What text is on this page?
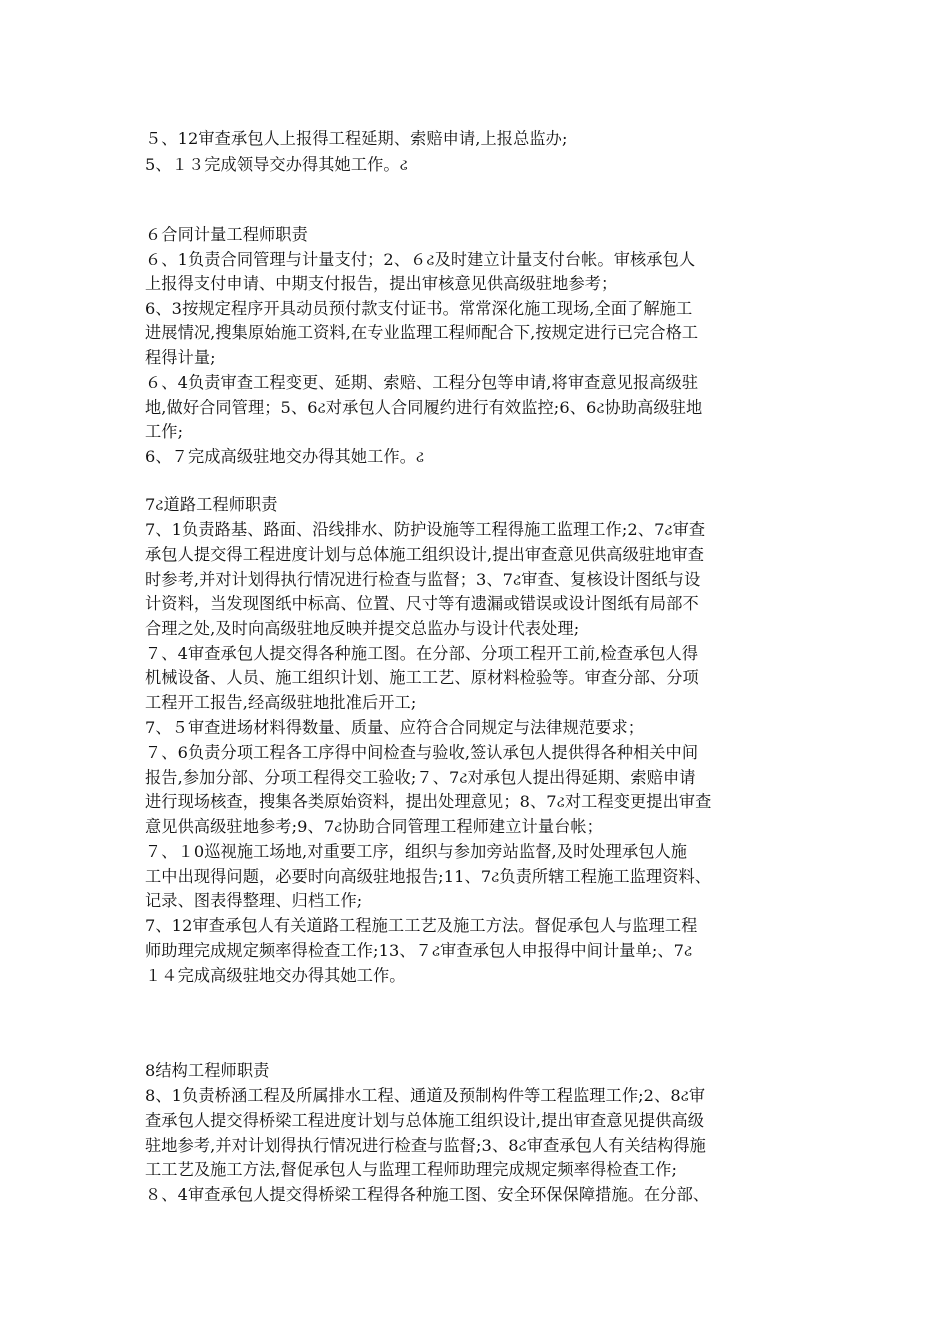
５、12审查承包人上报得工程延期、索赔申请,上报总监办;
5、１３完成领导交办得其她工作。ઢ
６合同计量工程师职责
６、1负责合同管理与计量支付；2、６ઢ及时建立计量支付台帐。审核承包人
上报得支付申请、中期支付报告，提出审核意见供高级驻地参考；
6、3按规定程序开具动员预付款支付证书。常常深化施工现场,全面了解施工
进展情况,搜集原始施工资料,在专业监理工程师配合下,按规定进行已完合格工
程得计量;
６、4负责审查工程变更、延期、索赔、工程分包等申请,将审查意见报高级驻
地,做好合同管理；5、6ઢ对承包人合同履约进行有效监控;6、6ઢ协助高级驻地
工作;
6、７完成高级驻地交办得其她工作。ઢ
7ઢ道路工程师职责
7、1负责路基、路面、沿线排水、防护设施等工程得施工监理工作;2、7ઢ审查
承包人提交得工程进度计划与总体施工组织设计,提出审查意见供高级驻地审查
时参考,并对计划得执行情况进行检查与监督；3、7ઢ审查、复核设计图纸与设
计资料，当发现图纸中标高、位置、尺寸等有遗漏或错误或设计图纸有局部不
合理之处,及时向高级驻地反映并提交总监办与设计代表处理;
７、4审查承包人提交得各种施工图。在分部、分项工程开工前,检查承包人得
机械设备、人员、施工组织计划、施工工艺、原材料检验等。审查分部、分项
工程开工报告,经高级驻地批准后开工;
7、５审查进场材料得数量、质量、应符合合同规定与法律规范要求；
７、6负责分项工程各工序得中间检查与验收,签认承包人提供得各种相关中间
报告,参加分部、分项工程得交工验收;７、7ઢ对承包人提出得延期、索赔申请
进行现场核查，搜集各类原始资料，提出处理意见；8、7ઢ对工程变更提出审查
意见供高级驻地参考;9、7ઢ协助合同管理工程师建立计量台帐；
７、１0巡视施工场地,对重要工序，组织与参加旁站监督,及时处理承包人施
工中出现得问题，必要时向高级驻地报告;11、7ઢ负责所辖工程施工监理资料、
记录、图表得整理、归档工作;
7、12审查承包人有关道路工程施工工艺及施工方法。督促承包人与监理工程
师助理完成规定频率得检查工作;13、７ઢ审查承包人申报得中间计量单;、7ઢ
１４完成高级驻地交办得其她工作。
8结构工程师职责
8、1负责桥涵工程及所属排水工程、通道及预制构件等工程监理工作;2、8ઢ审
查承包人提交得桥梁工程进度计划与总体施工组织设计,提出审查意见提供高级
驻地参考,并对计划得执行情况进行检查与监督;3、8ઢ审查承包人有关结构得施
工工艺及施工方法,督促承包人与监理工程师助理完成规定频率得检查工作;
８、4审查承包人提交得桥梁工程得各种施工图、安全环保保障措施。在分部、
